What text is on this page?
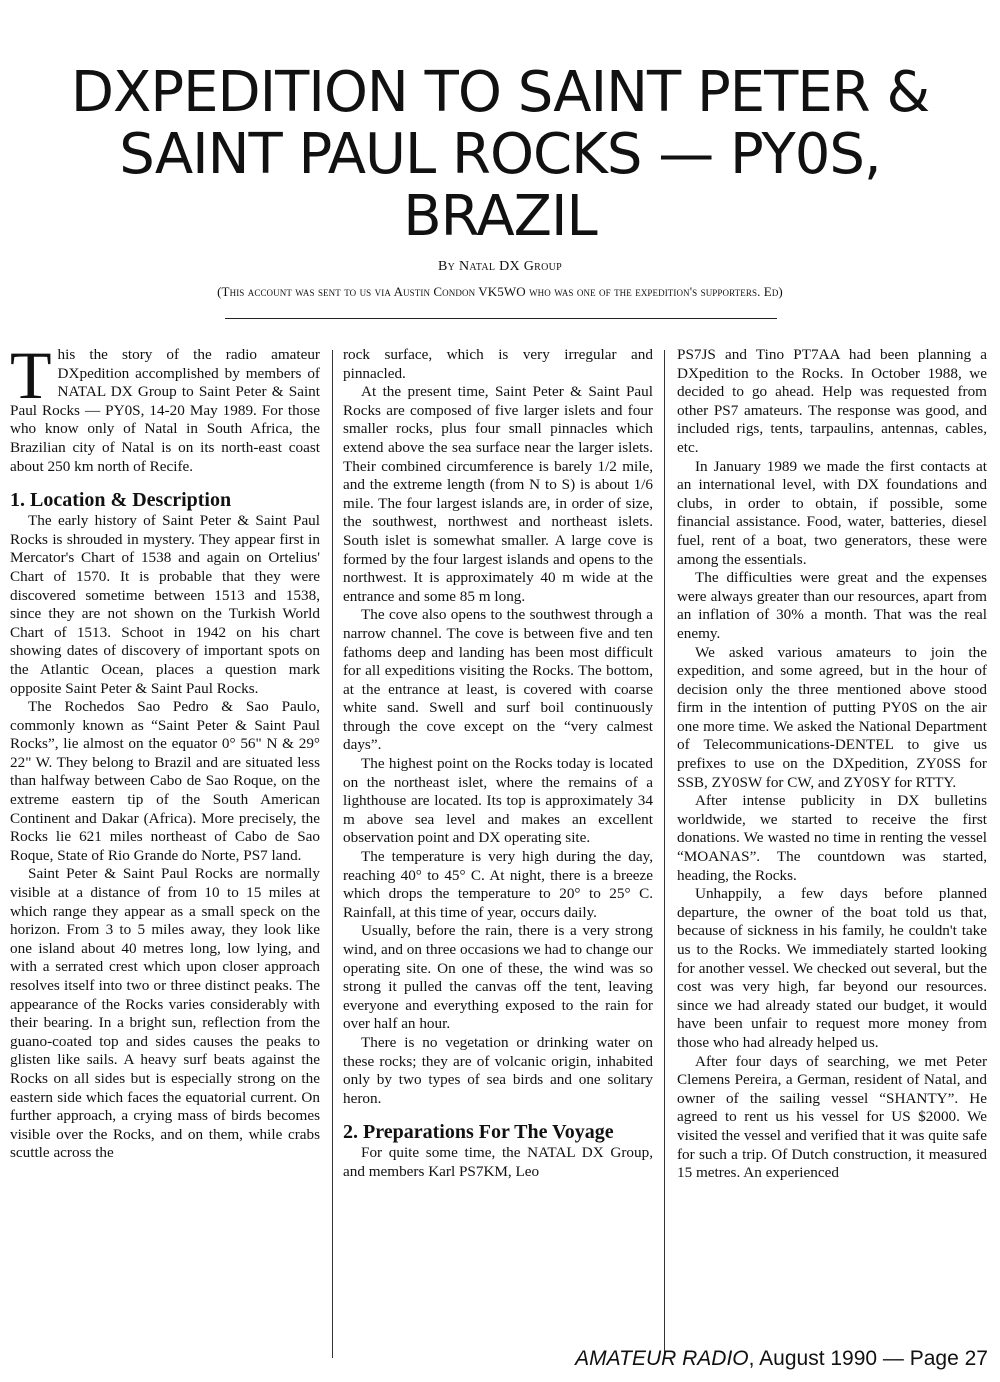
DXPEDITION TO SAINT PETER &
SAINT PAUL ROCKS — PY0S,
BRAZIL
By Natal DX Group
(This account was sent to us via Austin Condon VK5WO who was one of the expedition's supporters. Ed)

This the story of the radio amateur DXpedition accomplished by members of NATAL DX Group to Saint Peter & Saint Paul Rocks — PY0S, 14-20 May 1989. For those who know only of Natal in South Africa, the Brazilian city of Natal is on its north-east coast about 250 km north of Recife.

1. Location & Description

The early history of Saint Peter & Saint Paul Rocks is shrouded in mystery. They appear first in Mercator's Chart of 1538 and again on Ortelius' Chart of 1570. It is probable that they were discovered sometime between 1513 and 1538, since they are not shown on the Turkish World Chart of 1513. Schoot in 1942 on his chart showing dates of discovery of important spots on the Atlantic Ocean, places a question mark opposite Saint Peter & Saint Paul Rocks.

The Rochedos Sao Pedro & Sao Paulo, commonly known as “Saint Peter & Saint Paul Rocks”, lie almost on the equator 0° 56" N & 29° 22" W. They belong to Brazil and are situated less than halfway between Cabo de Sao Roque, on the extreme eastern tip of the South American Continent and Dakar (Africa). More precisely, the Rocks lie 621 miles northeast of Cabo de Sao Roque, State of Rio Grande do Norte, PS7 land.

Saint Peter & Saint Paul Rocks are normally visible at a distance of from 10 to 15 miles at which range they appear as a small speck on the horizon. From 3 to 5 miles away, they look like one island about 40 metres long, low lying, and with a serrated crest which upon closer approach resolves itself into two or three distinct peaks. The appearance of the Rocks varies considerably with their bearing. In a bright sun, reflection from the guano-coated top and sides causes the peaks to glisten like sails. A heavy surf beats against the Rocks on all sides but is especially strong on the eastern side which faces the equatorial current. On further approach, a crying mass of birds becomes visible over the Rocks, and on them, while crabs scuttle across the

rock surface, which is very irregular and pinnacled.

At the present time, Saint Peter & Saint Paul Rocks are composed of five larger islets and four smaller rocks, plus four small pinnacles which extend above the sea surface near the larger islets. Their combined circumference is barely 1/2 mile, and the extreme length (from N to S) is about 1/6 mile. The four largest islands are, in order of size, the southwest, northwest and northeast islets. South islet is somewhat smaller. A large cove is formed by the four largest islands and opens to the northwest. It is approximately 40 m wide at the entrance and some 85 m long.

The cove also opens to the southwest through a narrow channel. The cove is between five and ten fathoms deep and landing has been most difficult for all expeditions visiting the Rocks. The bottom, at the entrance at least, is covered with coarse white sand. Swell and surf boil continuously through the cove except on the “very calmest days”.

The highest point on the Rocks today is located on the northeast islet, where the remains of a lighthouse are located. Its top is approximately 34 m above sea level and makes an excellent observation point and DX operating site.

The temperature is very high during the day, reaching 40° to 45° C. At night, there is a breeze which drops the temperature to 20° to 25° C. Rainfall, at this time of year, occurs daily.

Usually, before the rain, there is a very strong wind, and on three occasions we had to change our operating site. On one of these, the wind was so strong it pulled the canvas off the tent, leaving everyone and everything exposed to the rain for over half an hour.

There is no vegetation or drinking water on these rocks; they are of volcanic origin, inhabited only by two types of sea birds and one solitary heron.

2. Preparations For The Voyage

For quite some time, the NATAL DX Group, and members Karl PS7KM, Leo

PS7JS and Tino PT7AA had been planning a DXpedition to the Rocks. In October 1988, we decided to go ahead. Help was requested from other PS7 amateurs. The response was good, and included rigs, tents, tarpaulins, antennas, cables, etc.

In January 1989 we made the first contacts at an international level, with DX foundations and clubs, in order to obtain, if possible, some financial assistance. Food, water, batteries, diesel fuel, rent of a boat, two generators, these were among the essentials.

The difficulties were great and the expenses were always greater than our resources, apart from an inflation of 30% a month. That was the real enemy.

We asked various amateurs to join the expedition, and some agreed, but in the hour of decision only the three mentioned above stood firm in the intention of putting PY0S on the air one more time. We asked the National Department of Telecommunications-DENTEL to give us prefixes to use on the DXpedition, ZY0SS for SSB, ZY0SW for CW, and ZY0SY for RTTY.

After intense publicity in DX bulletins worldwide, we started to receive the first donations. We wasted no time in renting the vessel “MOANAS”. The countdown was started, heading, the Rocks.

Unhappily, a few days before planned departure, the owner of the boat told us that, because of sickness in his family, he couldn't take us to the Rocks. We immediately started looking for another vessel. We checked out several, but the cost was very high, far beyond our resources. since we had already stated our budget, it would have been unfair to request more money from those who had already helped us.

After four days of searching, we met Peter Clemens Pereira, a German, resident of Natal, and owner of the sailing vessel “SHANTY”. He agreed to rent us his vessel for US $2000. We visited the vessel and verified that it was quite safe for such a trip. Of Dutch construction, it measured 15 metres. An experienced

AMATEUR RADIO, August 1990 — Page 27
